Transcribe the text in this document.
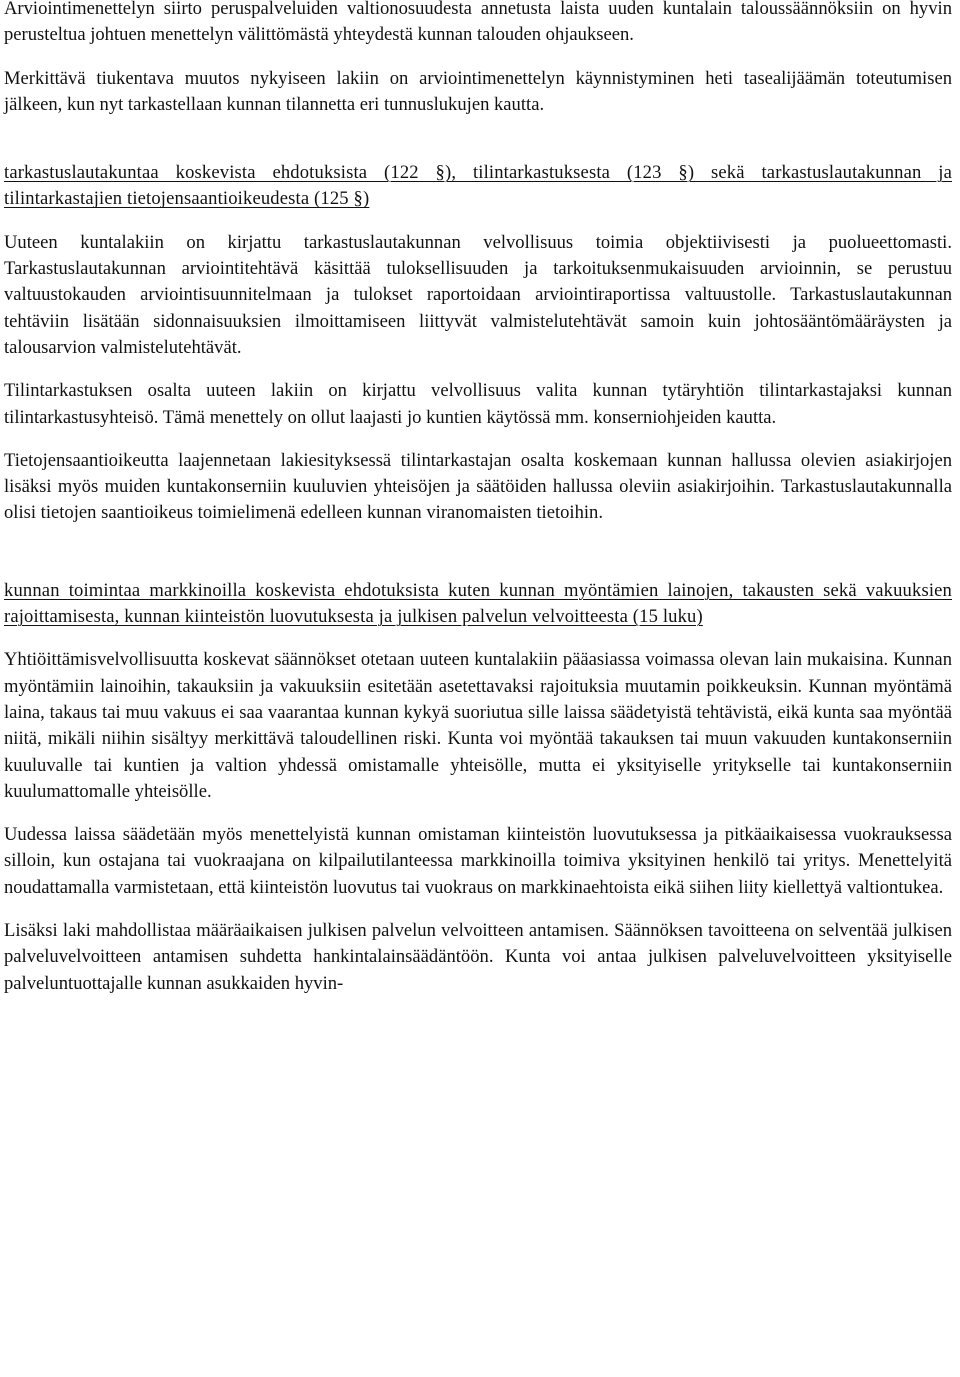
Arviointimenettelyn siirto peruspalveluiden valtionosuudesta annetusta laista uuden kuntalain taloussäännöksiin on hyvin perusteltua johtuen menettelyn välittömästä yhteydestä kunnan talouden ohjaukseen.

Merkittävä tiukentava muutos nykyiseen lakiin on arviointimenettelyn käynnistyminen heti tasealijäämän toteutumisen jälkeen, kun nyt tarkastellaan kunnan tilannetta eri tunnuslukujen kautta.

tarkastuslautakuntaa koskevista ehdotuksista (122 §), tilintarkastuksesta (123 §) sekä tarkastuslautakunnan ja tilintarkastajien tietojensaantioikeudesta (125 §)

Uuteen kuntalakiin on kirjattu tarkastuslautakunnan velvollisuus toimia objektiivisesti ja puolueettomasti. Tarkastuslautakunnan arviointitehtävä käsittää tuloksellisuuden ja tarkoituksenmukaisuuden arvioinnin, se perustuu valtuustokauden arviointisuunnitelmaan ja tulokset raportoidaan arviointiraportissa valtuustolle. Tarkastuslautakunnan tehtäviin lisätään sidonnaisuuksien ilmoittamiseen liittyvät valmistelutehtävät samoin kuin johtosääntömääräysten ja talousarvion valmistelutehtävät.

Tilintarkastuksen osalta uuteen lakiin on kirjattu velvollisuus valita kunnan tytäryhtiön tilintarkastajaksi kunnan tilintarkastusyhteisö. Tämä menettely on ollut laajasti jo kuntien käytössä mm. konserniohjeiden kautta.

Tietojensaantioikeutta laajennetaan lakiesityksessä tilintarkastajan osalta koskemaan kunnan hallussa olevien asiakirjojen lisäksi myös muiden kuntakonserniin kuuluvien yhteisöjen ja säätöiden hallussa oleviin asiakirjoihin. Tarkastuslautakunnalla olisi tietojen saantioikeus toimielimenä edelleen kunnan viranomaisten tietoihin.

kunnan toimintaa markkinoilla koskevista ehdotuksista kuten kunnan myöntämien lainojen, takausten sekä vakuuksien rajoittamisesta, kunnan kiinteistön luovutuksesta ja julkisen palvelun velvoitteesta (15 luku)

Yhtiöittämisvelvollisuutta koskevat säännökset otetaan uuteen kuntalakiin pääasiassa voimassa olevan lain mukaisina. Kunnan myöntämiin lainoihin, takauksiin ja vakuuksiin esitetään asetettavaksi rajoituksia muutamin poikkeuksin. Kunnan myöntämä laina, takaus tai muu vakuus ei saa vaarantaa kunnan kykyä suoriutua sille laissa säädetyistä tehtävistä, eikä kunta saa myöntää niitä, mikäli niihin sisältyy merkittävä taloudellinen riski. Kunta voi myöntää takauksen tai muun vakuuden kuntakonserniin kuuluvalle tai kuntien ja valtion yhdessä omistamalle yhteisölle, mutta ei yksityiselle yritykselle tai kuntakonserniin kuulumattomalle yhteisölle.

Uudessa laissa säädetään myös menettelyistä kunnan omistaman kiinteistön luovutuksessa ja pitkäaikaisessa vuokrauksessa silloin, kun ostajana tai vuokraajana on kilpailutilanteessa markkinoilla toimiva yksityinen henkilö tai yritys. Menettelyitä noudattamalla varmistetaan, että kiinteistön luovutus tai vuokraus on markkinaehtoista eikä siihen liity kiellettyä valtiontukea.

Lisäksi laki mahdollistaa määräaikaisen julkisen palvelun velvoitteen antamisen. Säännöksen tavoitteena on selventää julkisen palveluvelvoitteen antamisen suhdetta hankintalainsäädäntöön. Kunta voi antaa julkisen palveluvelvoitteen yksityiselle palveluntuottajalle kunnan asukkaiden hyvin-
